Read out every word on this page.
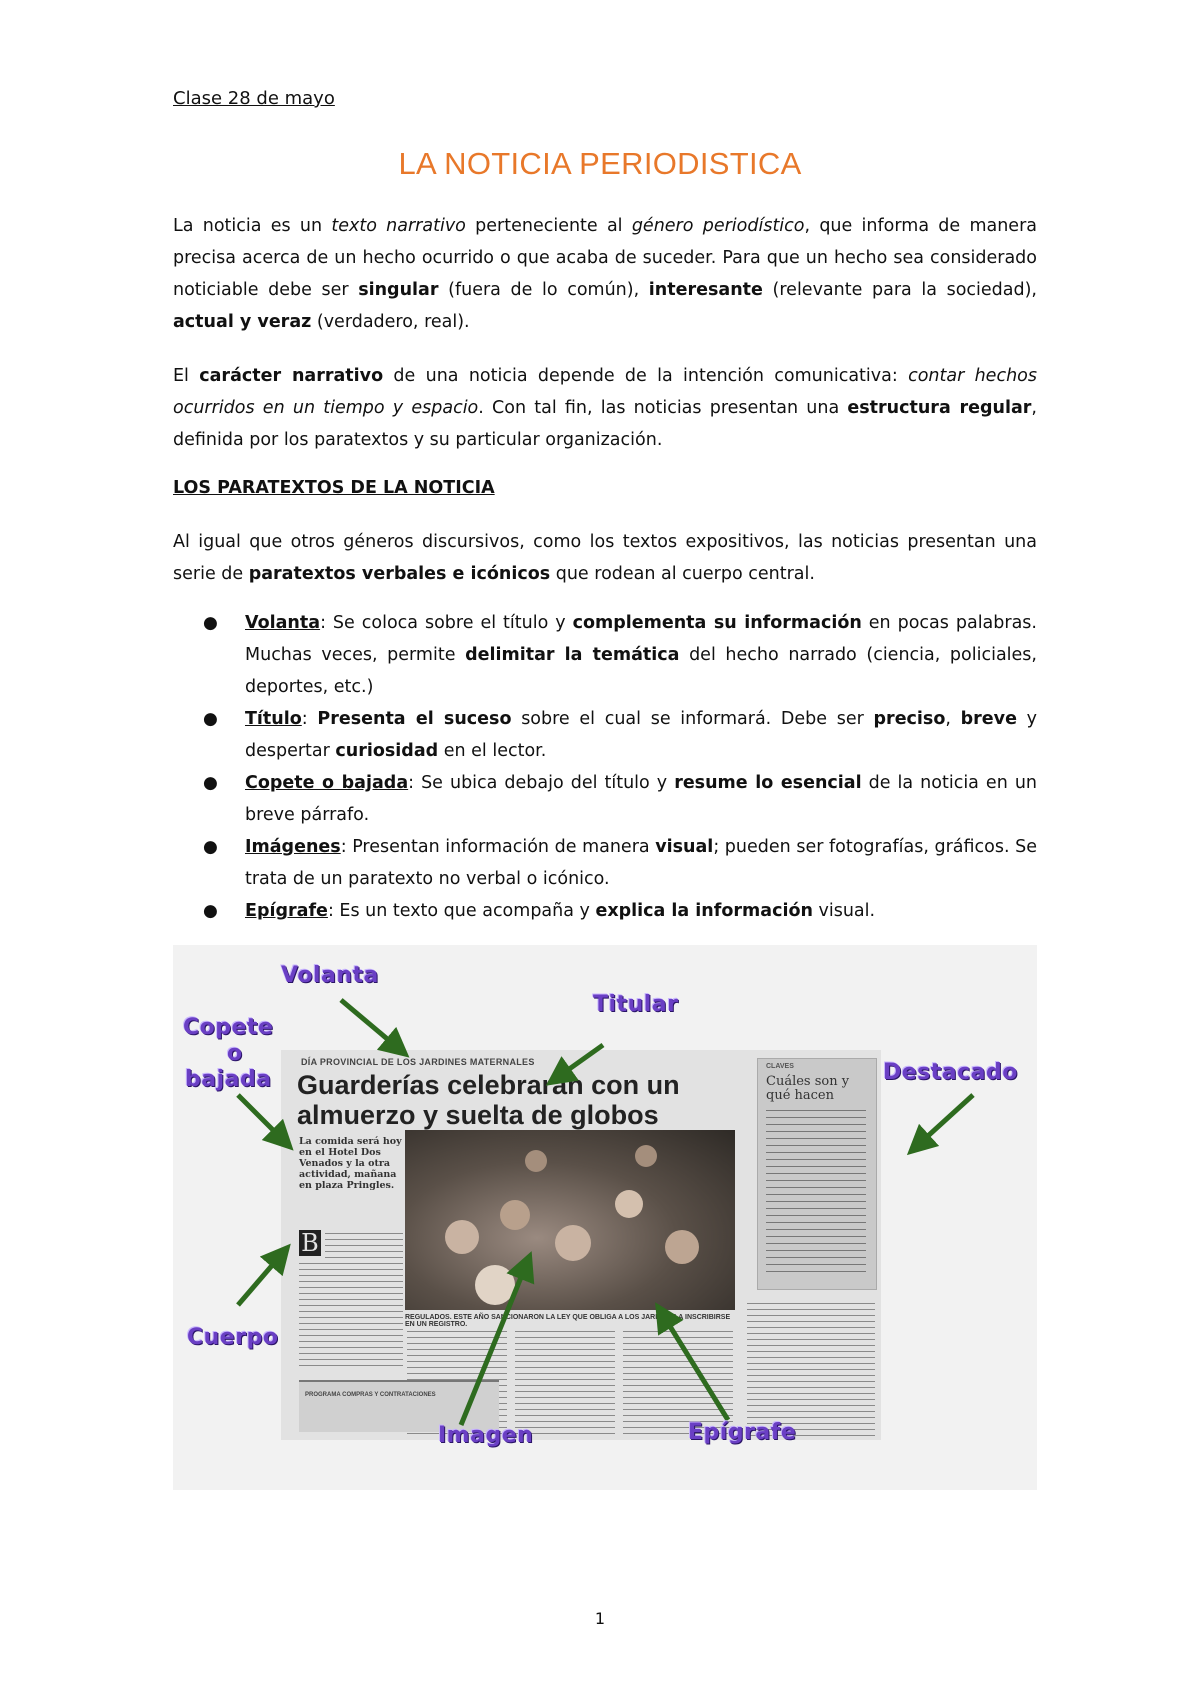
Clase 28 de mayo
LA NOTICIA PERIODISTICA

La noticia es un texto narrativo perteneciente al género periodístico, que informa de manera precisa acerca de un hecho ocurrido o que acaba de suceder. Para que un hecho sea considerado noticiable debe ser singular (fuera de lo común), interesante (relevante para la sociedad), actual y veraz (verdadero, real).

El carácter narrativo de una noticia depende de la intención comunicativa: contar hechos ocurridos en un tiempo y espacio. Con tal fin, las noticias presentan una estructura regular, definida por los paratextos y su particular organización.

LOS PARATEXTOS DE LA NOTICIA

Al igual que otros géneros discursivos, como los textos expositivos, las noticias presentan una serie de paratextos verbales e icónicos que rodean al cuerpo central.

● Volanta: Se coloca sobre el título y complementa su información en pocas palabras. Muchas veces, permite delimitar la temática del hecho narrado (ciencia, policiales, deportes, etc.)
● Título: Presenta el suceso sobre el cual se informará. Debe ser preciso, breve y despertar curiosidad en el lector.
● Copete o bajada: Se ubica debajo del título y resume lo esencial de la noticia en un breve párrafo.
● Imágenes: Presentan información de manera visual; pueden ser fotografías, gráficos. Se trata de un paratexto no verbal o icónico.
● Epígrafe: Es un texto que acompaña y explica la información visual.
DÍA PROVINCIAL DE LOS JARDINES MATERNALES
Guarderías celebrarán con un almuerzo y suelta de globos
La comida será hoy en el Hotel Dos Venados y la otra actividad, mañana en plaza Pringles.
REGULADOS. ESTE AÑO SANCIONARON LA LEY QUE OBLIGA A LOS JARDINES A INSCRIBIRSE EN UN REGISTRO.
B
CLAVES
Cuáles son y qué hacen
PROGRAMA COMPRAS Y CONTRATACIONES
Volanta
Titular
Copete
o
bajada	Destacado
Cuerpo
Imagen	Epígrafe
1
